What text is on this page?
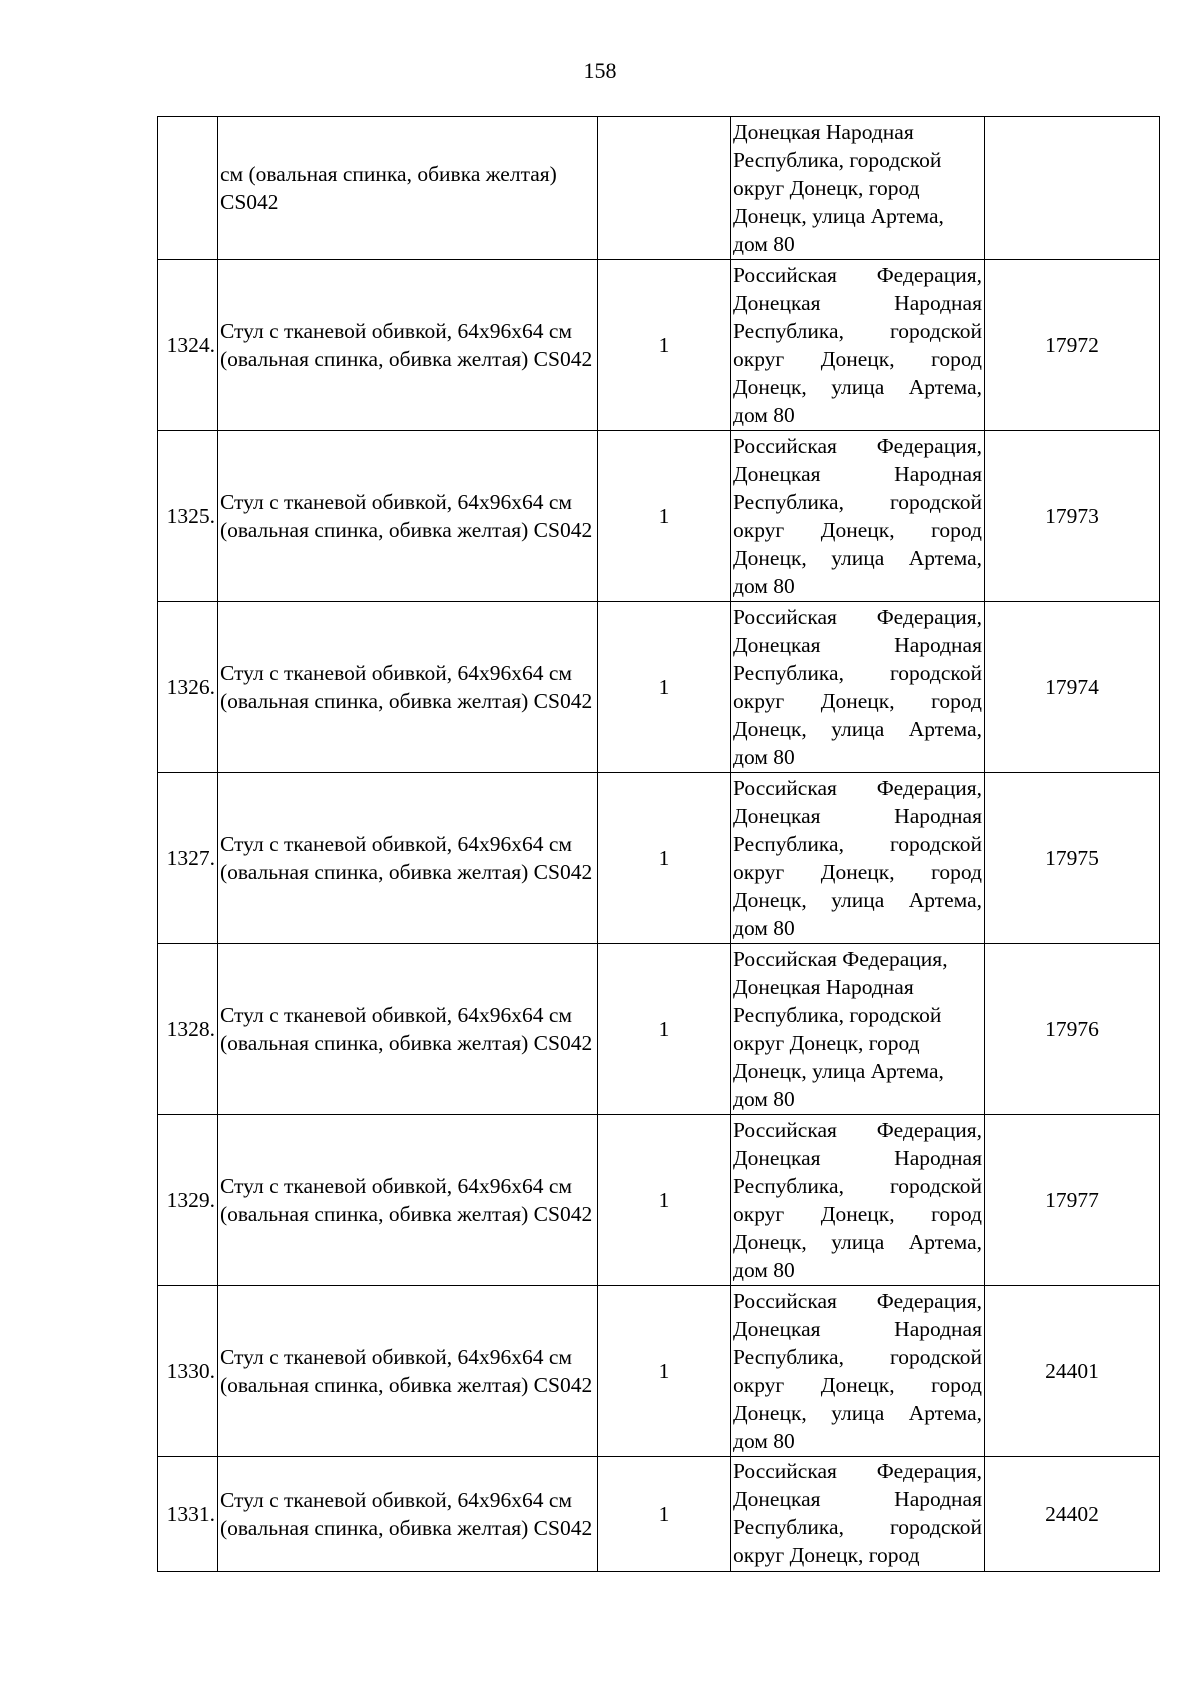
158
	см (овальная спинка, обивка желтая) CS042		Донецкая Народная Республика, городской округ Донецк, город Донецк, улица Артема, дом 80	
1324.	Стул с тканевой обивкой, 64x96x64 см (овальная спинка, обивка желтая) CS042	1	Российская Федерация, Донецкая Народная Республика, городской округ Донецк, город Донецк, улица Артема, дом 80	17972
1325.	Стул с тканевой обивкой, 64x96x64 см (овальная спинка, обивка желтая) CS042	1	Российская Федерация, Донецкая Народная Республика, городской округ Донецк, город Донецк, улица Артема, дом 80	17973
1326.	Стул с тканевой обивкой, 64x96x64 см (овальная спинка, обивка желтая) CS042	1	Российская Федерация, Донецкая Народная Республика, городской округ Донецк, город Донецк, улица Артема, дом 80	17974
1327.	Стул с тканевой обивкой, 64x96x64 см (овальная спинка, обивка желтая) CS042	1	Российская Федерация, Донецкая Народная Республика, городской округ Донецк, город Донецк, улица Артема, дом 80	17975
1328.	Стул с тканевой обивкой, 64x96x64 см (овальная спинка, обивка желтая) CS042	1	Российская Федерация, Донецкая Народная Республика, городской округ Донецк, город Донецк, улица Артема, дом 80	17976
1329.	Стул с тканевой обивкой, 64x96x64 см (овальная спинка, обивка желтая) CS042	1	Российская Федерация, Донецкая Народная Республика, городской округ Донецк, город Донецк, улица Артема, дом 80	17977
1330.	Стул с тканевой обивкой, 64x96x64 см (овальная спинка, обивка желтая) CS042	1	Российская Федерация, Донецкая Народная Республика, городской округ Донецк, город Донецк, улица Артема, дом 80	24401
1331.	Стул с тканевой обивкой, 64x96x64 см (овальная спинка, обивка желтая) CS042	1	Российская Федерация, Донецкая Народная Республика, городской округ Донецк, город	24402
